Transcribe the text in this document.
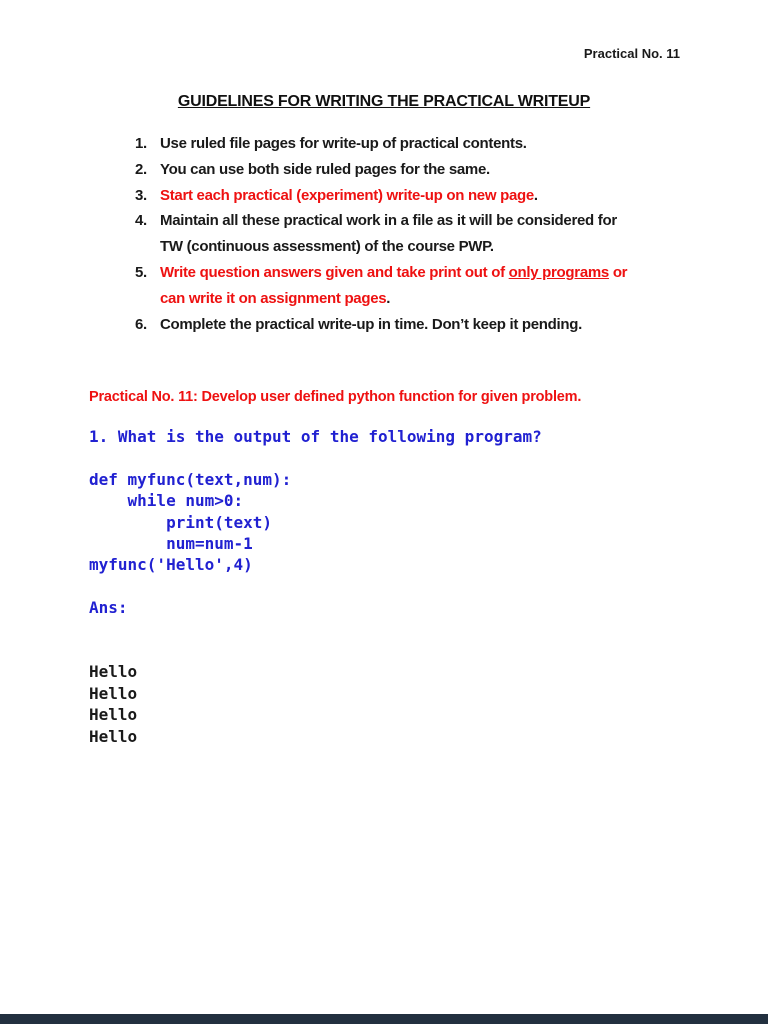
Practical No. 11
GUIDELINES FOR WRITING THE PRACTICAL WRITEUP
1. Use ruled file pages for write-up of practical contents.
2. You can use both side ruled pages for the same.
3. Start each practical (experiment) write-up on new page.
4. Maintain all these practical work in a file as it will be considered for
TW (continuous assessment) of the course PWP.
5. Write question answers given and take print out of only programs or
can write it on assignment pages.
6. Complete the practical write-up in time. Don’t keep it pending.
Practical No. 11: Develop user defined python function for given problem.
1. What is the output of the following program?
def myfunc(text,num):
while num>0:
print(text)
num=num-1
myfunc('Hello',4)
Ans:
Hello
Hello
Hello
Hello
